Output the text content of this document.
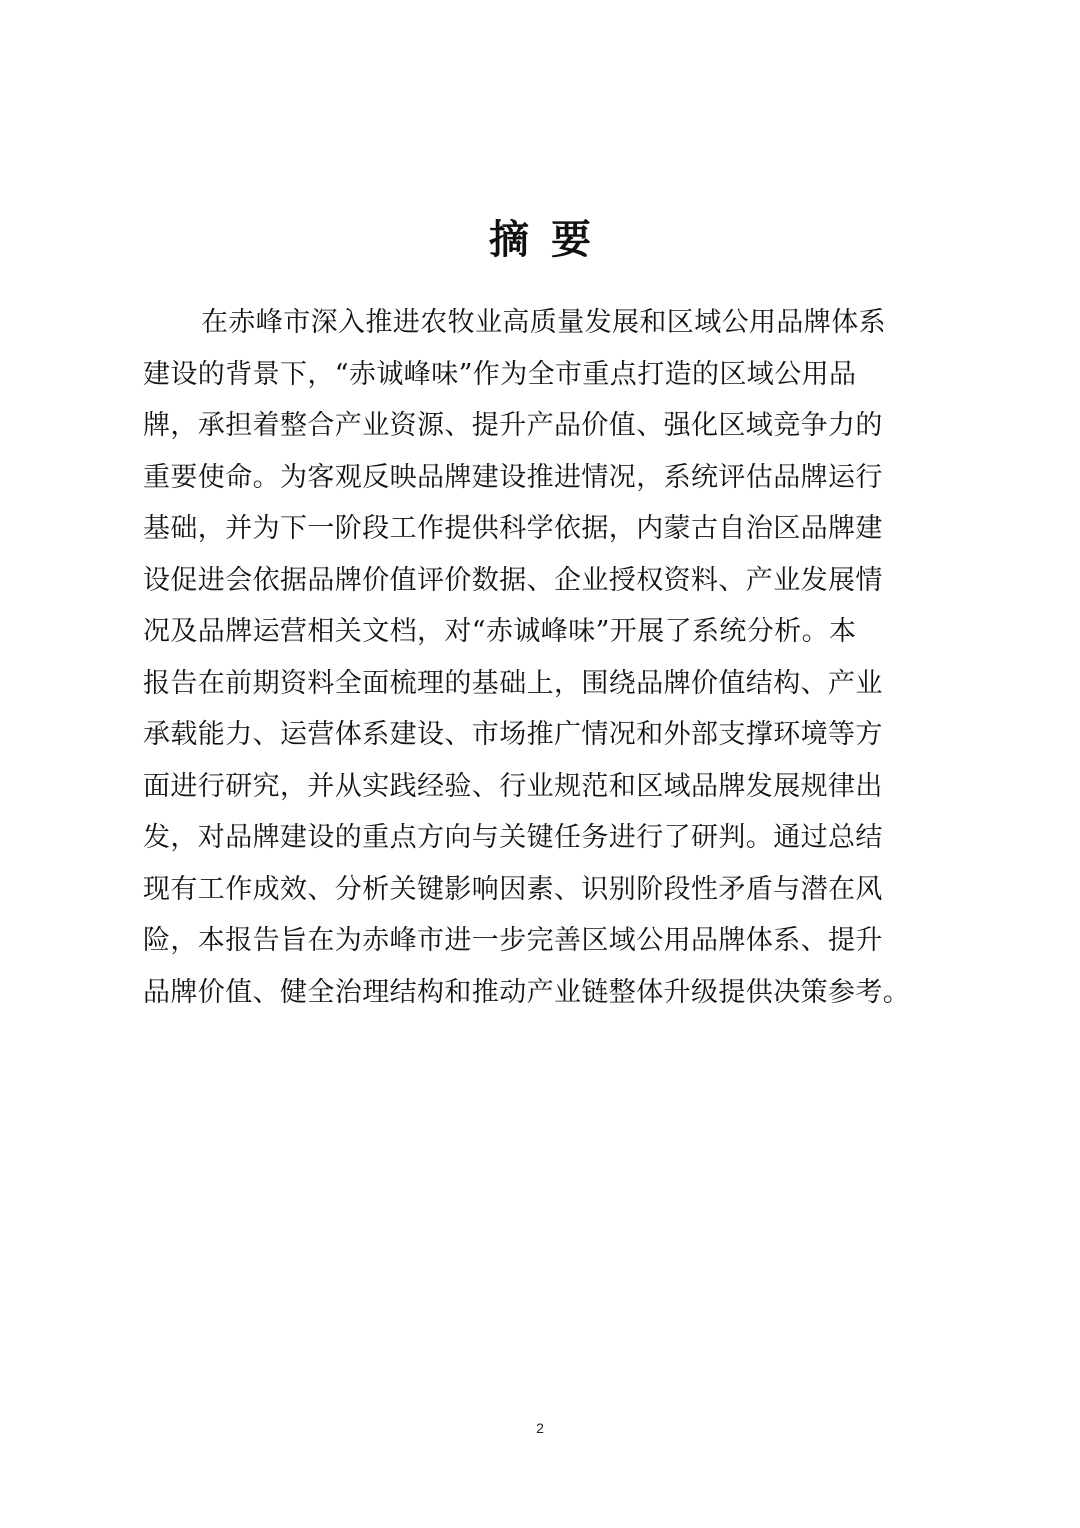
摘要
在赤峰市深入推进农牧业高质量发展和区域公用品牌体系
建设的背景下，“赤诚峰味”作为全市重点打造的区域公用品
牌，承担着整合产业资源、提升产品价值、强化区域竞争力的
重要使命。为客观反映品牌建设推进情况，系统评估品牌运行
基础，并为下一阶段工作提供科学依据，内蒙古自治区品牌建
设促进会依据品牌价值评价数据、企业授权资料、产业发展情
况及品牌运营相关文档，对“赤诚峰味”开展了系统分析。本
报告在前期资料全面梳理的基础上，围绕品牌价值结构、产业
承载能力、运营体系建设、市场推广情况和外部支撑环境等方
面进行研究，并从实践经验、行业规范和区域品牌发展规律出
发，对品牌建设的重点方向与关键任务进行了研判。通过总结
现有工作成效、分析关键影响因素、识别阶段性矛盾与潜在风
险，本报告旨在为赤峰市进一步完善区域公用品牌体系、提升
品牌价值、健全治理结构和推动产业链整体升级提供决策参考。
2
